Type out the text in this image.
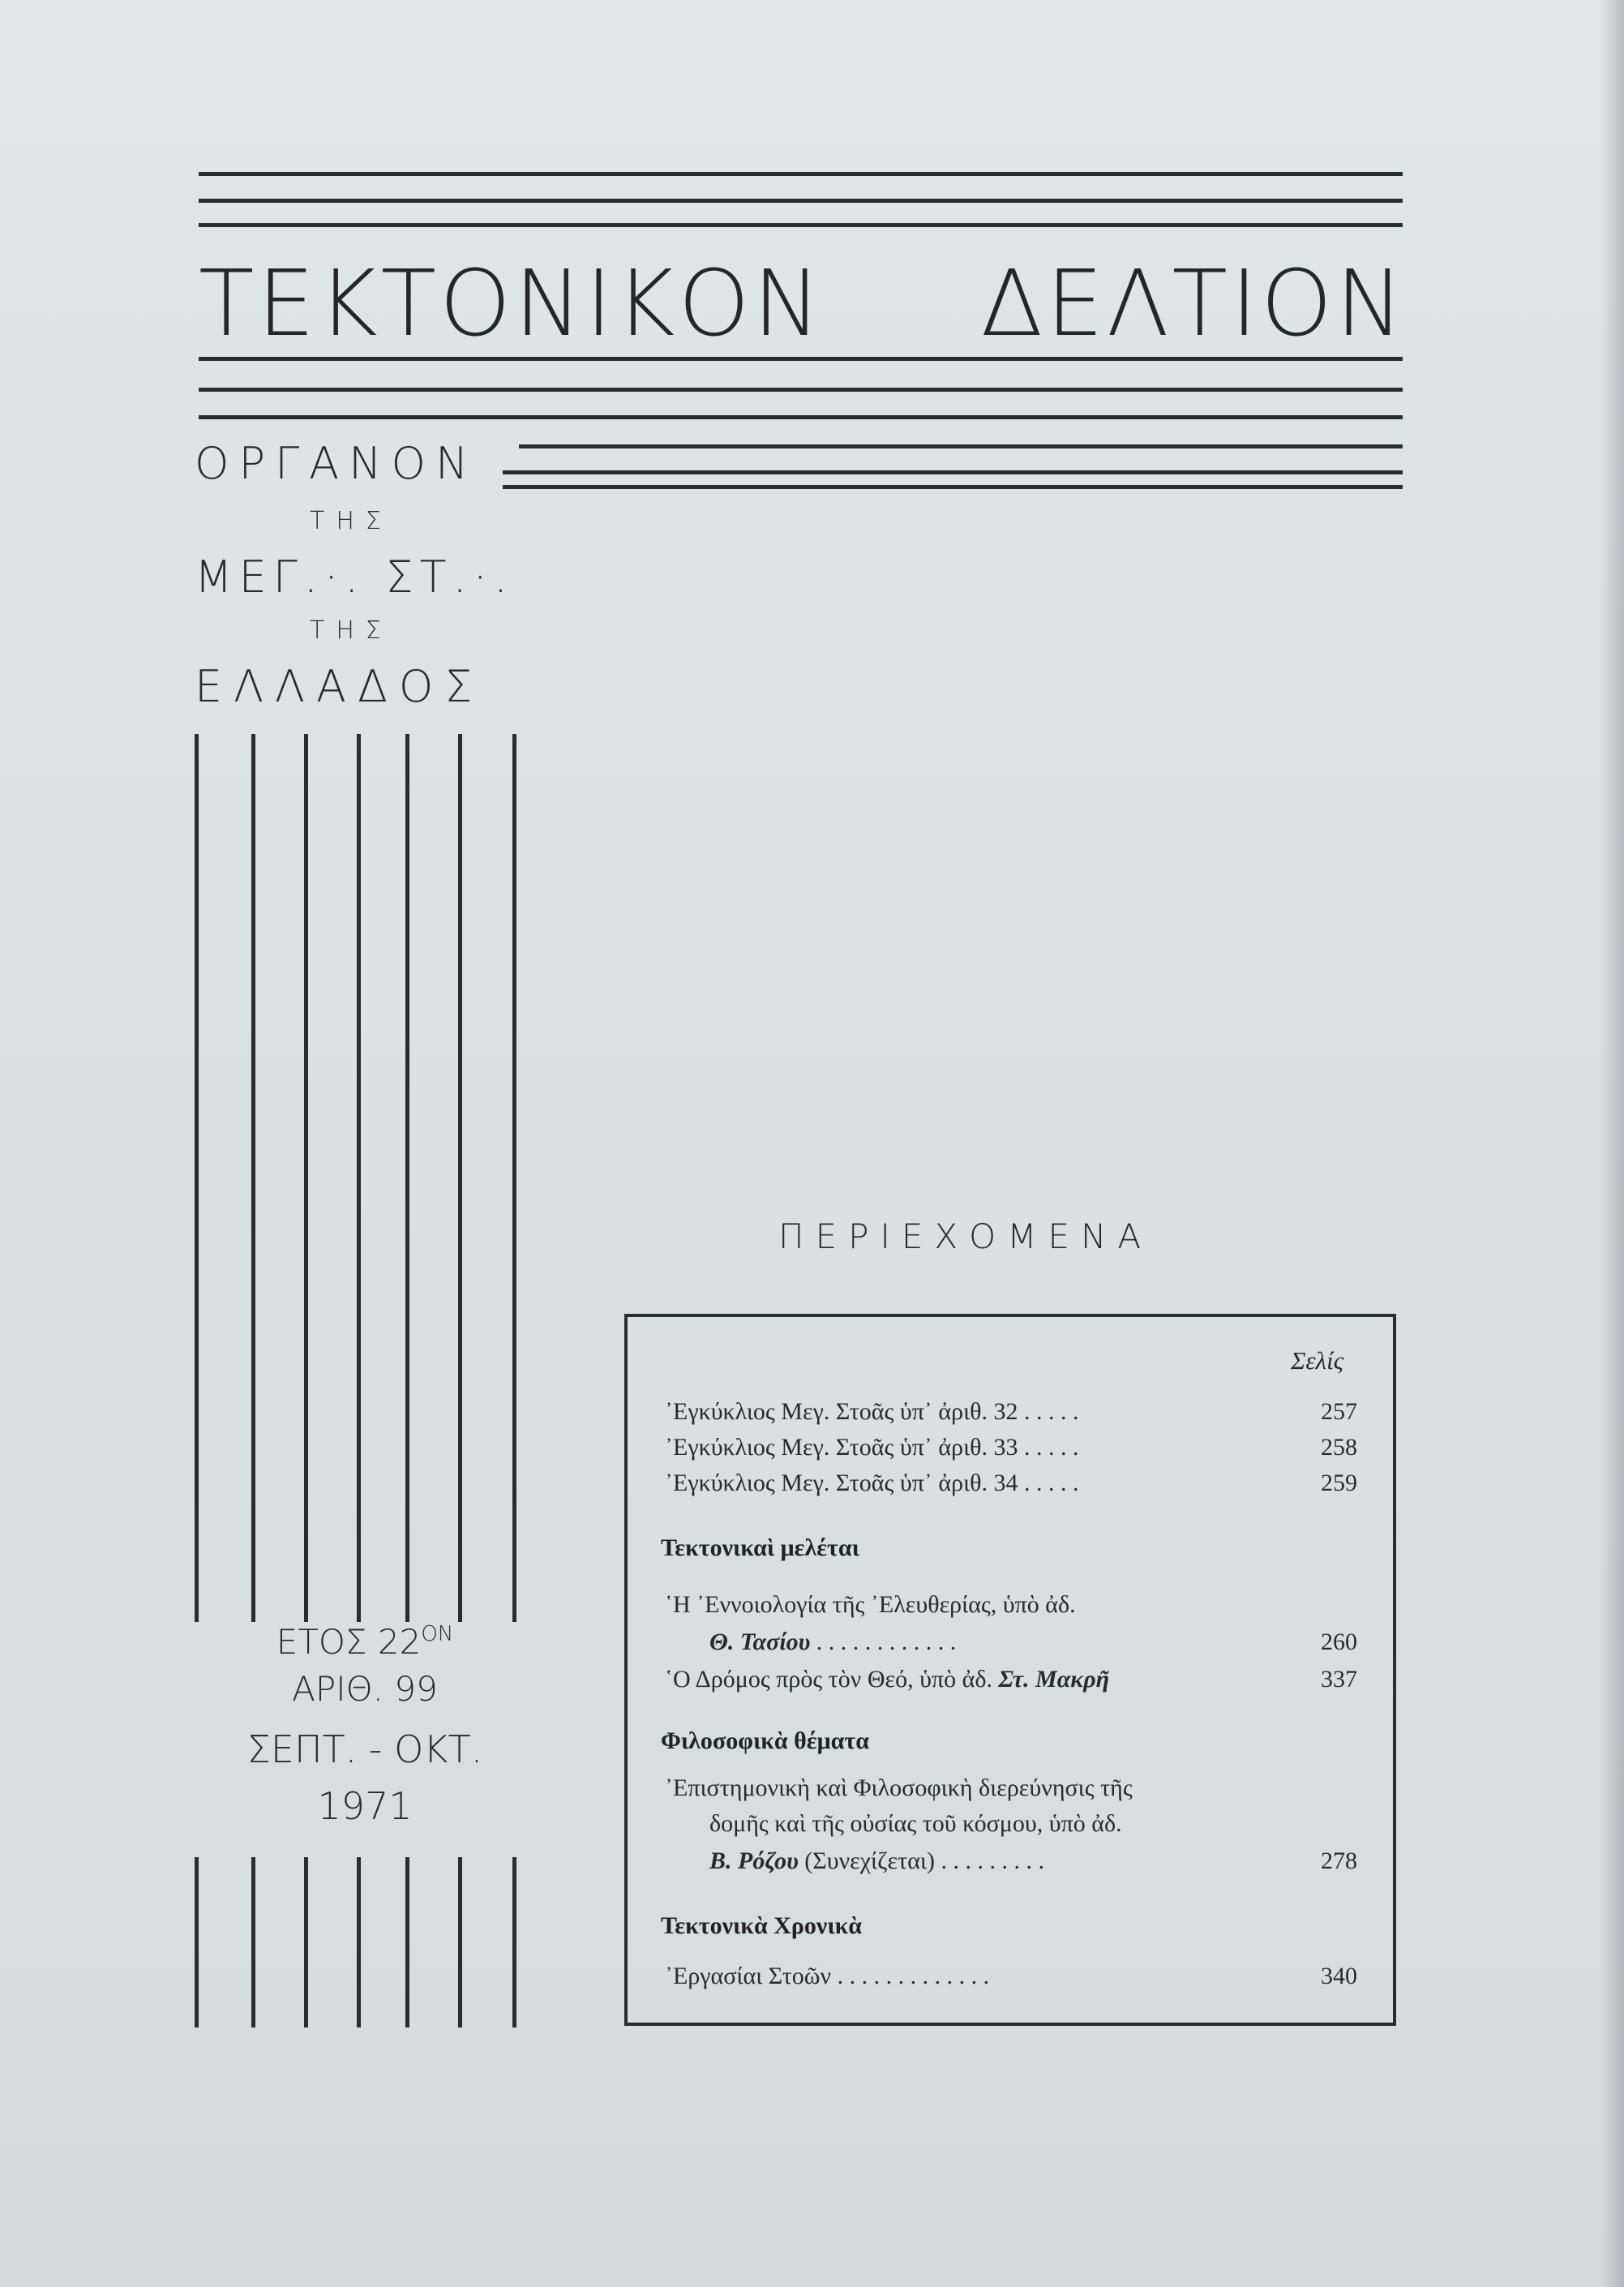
ΤΕΚΤΟΝΙΚΟΝ ΔΕΛΤΙΟΝ
ΟΡΓΑΝΟΝ
ΤΗΣ
ΜΕΓ.·. ΣΤ.·.
ΤΗΣ
ΕΛΛΑΔΟΣ
ΕΤΟΣ $22^{ON}$
ΑΡΙΘ. 99
ΣΕΠΤ. - ΟΚΤ.
1971
ΠΕΡΙΕΧΟΜΕΝΑ
Σελίς
᾿Εγκύκλιος Μεγ. Στοᾶς ὑπ᾿ ἀριθ. 32 . . . . .	257
᾿Εγκύκλιος Μεγ. Στοᾶς ὑπ᾿ ἀριθ. 33 . . . . .	258
᾿Εγκύκλιος Μεγ. Στοᾶς ὑπ᾿ ἀριθ. 34 . . . . .	259
Τεκτονικαὶ μελέται
῾Η ᾿Εννοιολογία τῆς ᾿Ελευθερίας, ὑπὸ ἀδ.
Θ. Τασίου . . . . . . . . . . . .	260
῾Ο Δρόμος πρὸς τὸν Θεό, ὑπὸ ἀδ. Στ. Μακρῆ	337
Φιλοσοφικὰ θέματα
᾿Επιστημονικὴ καὶ Φιλοσοφικὴ διερεύνησις τῆς
δομῆς καὶ τῆς οὐσίας τοῦ κόσμου, ὑπὸ ἀδ.
Β. Ρόζου (Συνεχίζεται) . . . . . . . . .	278
Τεκτονικὰ Χρονικὰ
᾿Εργασίαι Στοῶν . . . . . . . . . . . . .	340
